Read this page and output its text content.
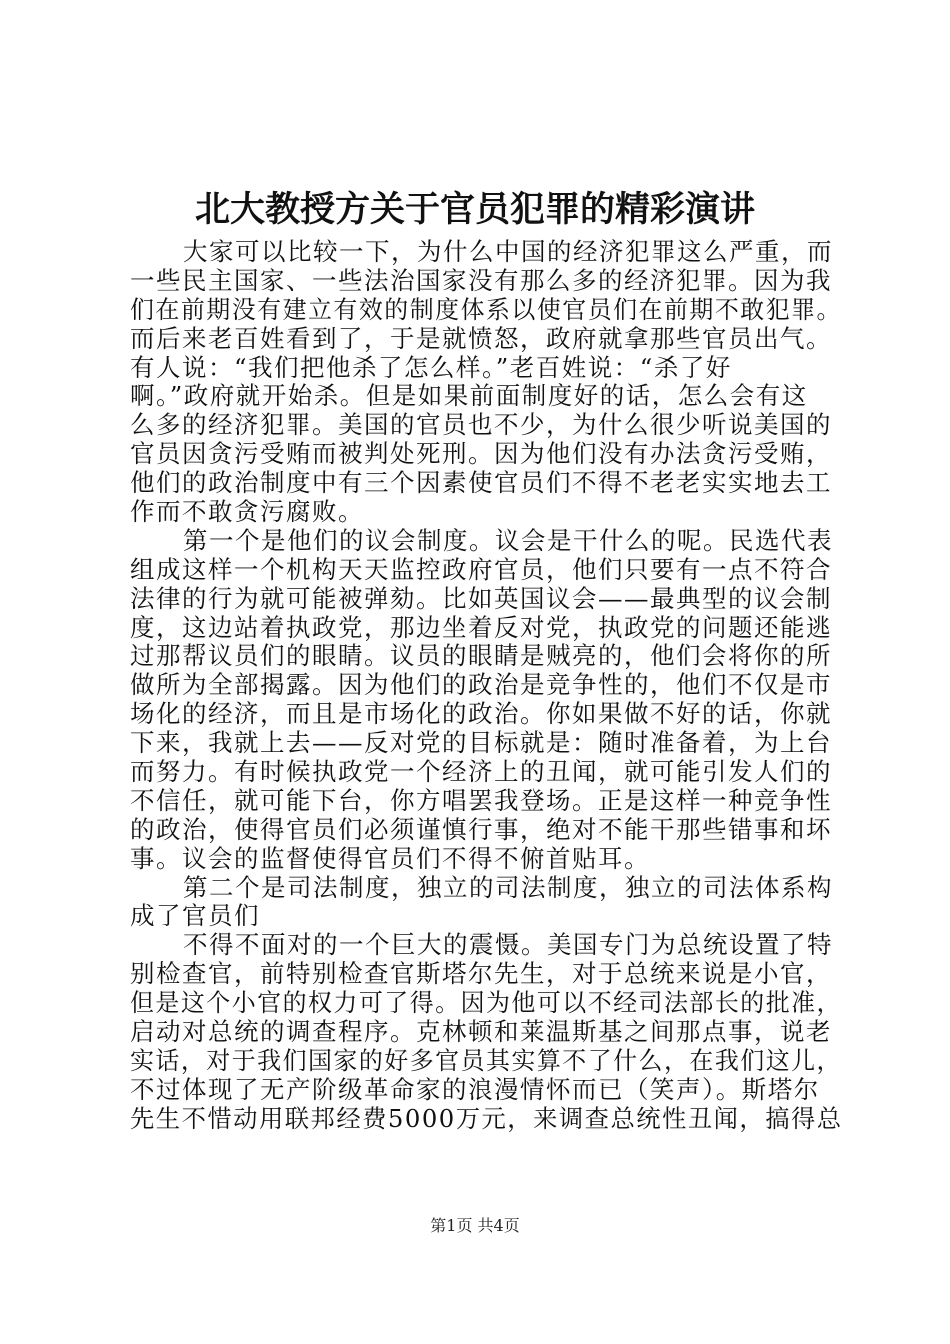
北大教授方关于官员犯罪的精彩演讲
大家可以比较一下，为什么中国的经济犯罪这么严重，而
一些民主国家、一些法治国家没有那么多的经济犯罪。因为我
们在前期没有建立有效的制度体系以使官员们在前期不敢犯罪。
而后来老百姓看到了，于是就愤怒，政府就拿那些官员出气。
有人说：“我们把他杀了怎么样。”老百姓说：“杀了好
啊。”政府就开始杀。但是如果前面制度好的话，怎么会有这
么多的经济犯罪。美国的官员也不少，为什么很少听说美国的
官员因贪污受贿而被判处死刑。因为他们没有办法贪污受贿，
他们的政治制度中有三个因素使官员们不得不老老实实地去工
作而不敢贪污腐败。
第一个是他们的议会制度。议会是干什么的呢。民选代表
组成这样一个机构天天监控政府官员，他们只要有一点不符合
法律的行为就可能被弹劾。比如英国议会——最典型的议会制
度，这边站着执政党，那边坐着反对党，执政党的问题还能逃
过那帮议员们的眼睛。议员的眼睛是贼亮的，他们会将你的所
做所为全部揭露。因为他们的政治是竞争性的，他们不仅是市
场化的经济，而且是市场化的政治。你如果做不好的话，你就
下来，我就上去——反对党的目标就是：随时准备着，为上台
而努力。有时候执政党一个经济上的丑闻，就可能引发人们的
不信任，就可能下台，你方唱罢我登场。正是这样一种竞争性
的政治，使得官员们必须谨慎行事，绝对不能干那些错事和坏
事。议会的监督使得官员们不得不俯首贴耳。
第二个是司法制度，独立的司法制度，独立的司法体系构
成了官员们
不得不面对的一个巨大的震慑。美国专门为总统设置了特
别检查官，前特别检查官斯塔尔先生，对于总统来说是小官，
但是这个小官的权力可了得。因为他可以不经司法部长的批准，
启动对总统的调查程序。克林顿和莱温斯基之间那点事，说老
实话，对于我们国家的好多官员其实算不了什么，在我们这儿，
不过体现了无产阶级革命家的浪漫情怀而已（笑声）。斯塔尔
先生不惜动用联邦经费5000万元，来调查总统性丑闻，搞得总
第1页 共4页
